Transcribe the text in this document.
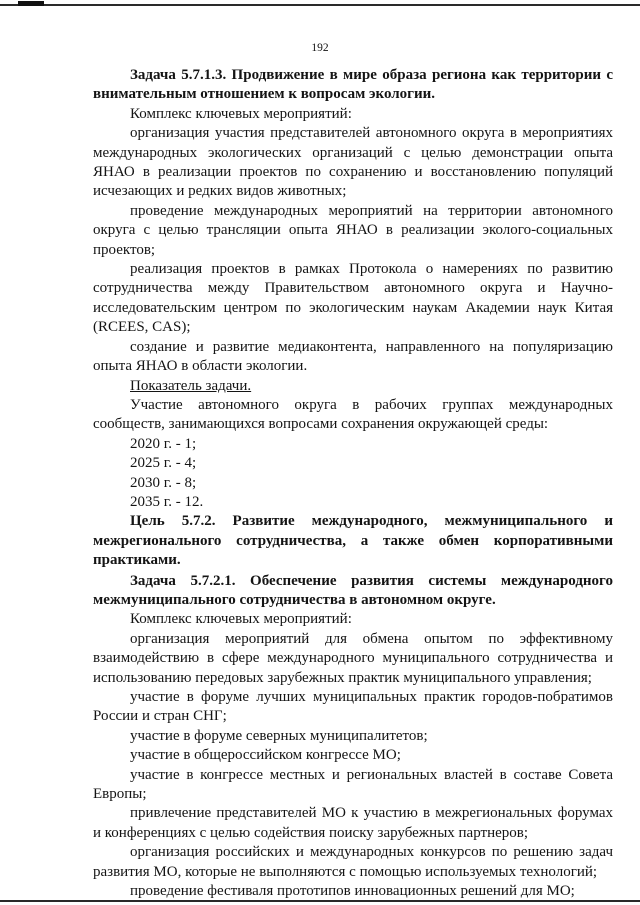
192

Задача 5.7.1.3. Продвижение в мире образа региона как территории с внимательным отношением к вопросам экологии.

Комплекс ключевых мероприятий:

организация участия представителей автономного округа в мероприятиях международных экологических организаций с целью демонстрации опыта ЯНАО в реализации проектов по сохранению и восстановлению популяций исчезающих и редких видов животных;

проведение международных мероприятий на территории автономного округа с целью трансляции опыта ЯНАО в реализации эколого-социальных проектов;

реализация проектов в рамках Протокола о намерениях по развитию сотрудничества между Правительством автономного округа и Научно-исследовательским центром по экологическим наукам Академии наук Китая (RCEES, CAS);

создание и развитие медиаконтента, направленного на популяризацию опыта ЯНАО в области экологии.

Показатель задачи.

Участие автономного округа в рабочих группах международных сообществ, занимающихся вопросами сохранения окружающей среды:

2020 г. - 1;

2025 г. - 4;

2030 г. - 8;

2035 г. - 12.

Цель 5.7.2. Развитие международного, межмуниципального и межрегионального сотрудничества, а также обмен корпоративными практиками.

Задача 5.7.2.1. Обеспечение развития системы международного межмуниципального сотрудничества в автономном округе.

Комплекс ключевых мероприятий:

организация мероприятий для обмена опытом по эффективному взаимодействию в сфере международного муниципального сотрудничества и использованию передовых зарубежных практик муниципального управления;

участие в форуме лучших муниципальных практик городов-побратимов России и стран СНГ;

участие в форуме северных муниципалитетов;

участие в общероссийском конгрессе МО;

участие в конгрессе местных и региональных властей в составе Совета Европы;

привлечение представителей МО к участию в межрегиональных форумах и конференциях с целью содействия поиску зарубежных партнеров;

организация российских и международных конкурсов по решению задач развития МО, которые не выполняются с помощью используемых технологий;

проведение фестиваля прототипов инновационных решений для МО;
